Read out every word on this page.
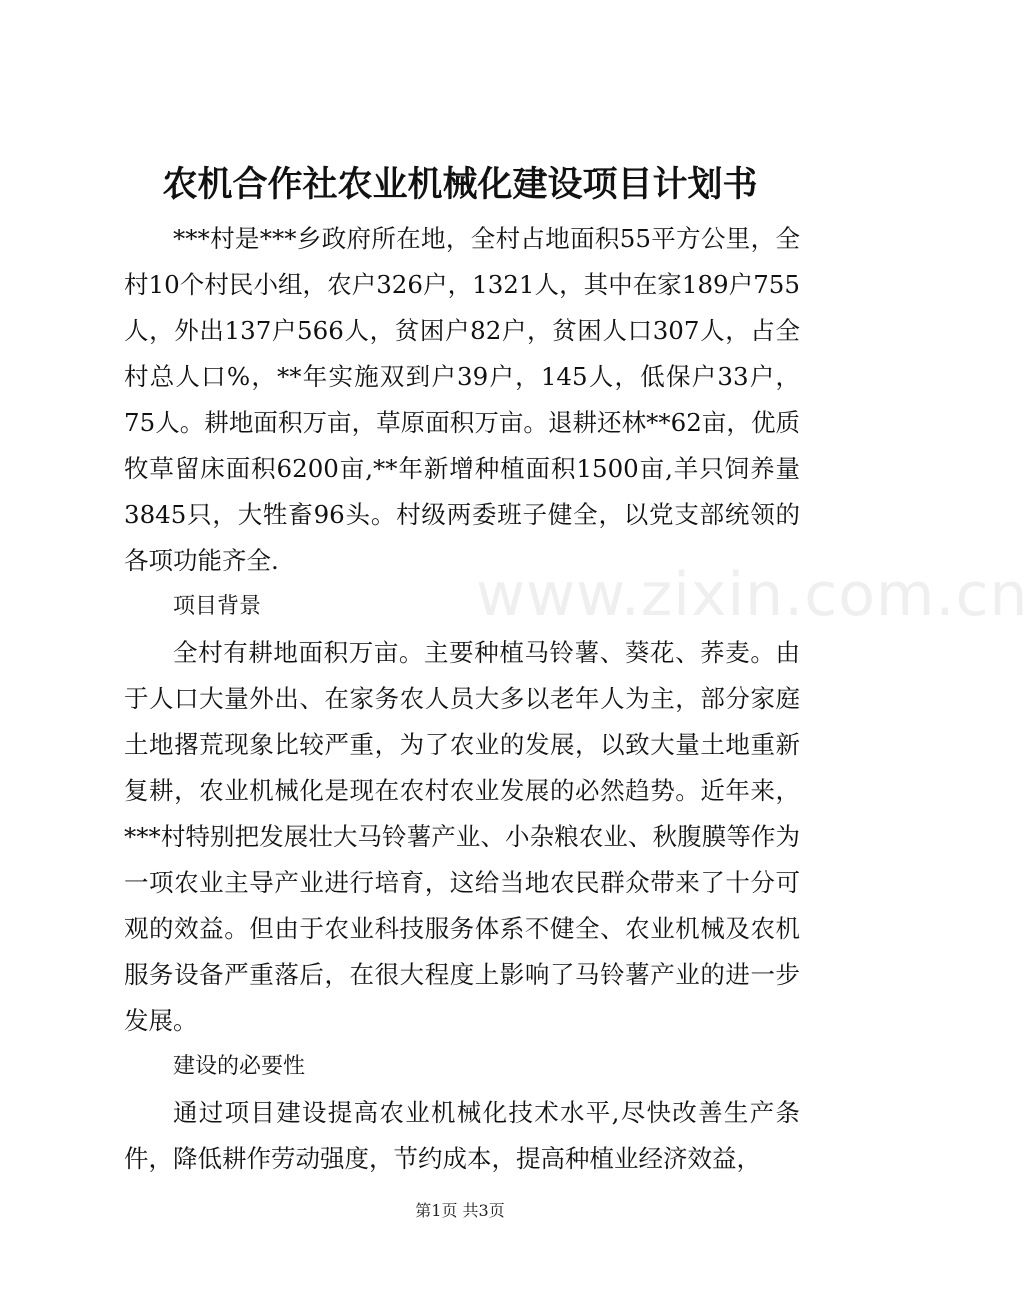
农机合作社农业机械化建设项目计划书

***村是***乡政府所在地，全村占地面积55平方公里，全村10个村民小组，农户326户，1321人，其中在家189户755人，外出137户566人，贫困户82户，贫困人口307人，占全村总人口%，**年实施双到户39户，145人，低保户33户，75人。耕地面积万亩，草原面积万亩。退耕还林**62亩，优质牧草留床面积6200亩,**年新增种植面积1500亩,羊只饲养量3845只，大牲畜96头。村级两委班子健全，以党支部统领的各项功能齐全.

项目背景

全村有耕地面积万亩。主要种植马铃薯、葵花、荞麦。由于人口大量外出、在家务农人员大多以老年人为主，部分家庭土地撂荒现象比较严重，为了农业的发展，以致大量土地重新复耕，农业机械化是现在农村农业发展的必然趋势。近年来，***村特别把发展壮大马铃薯产业、小杂粮农业、秋腹膜等作为一项农业主导产业进行培育，这给当地农民群众带来了十分可观的效益。但由于农业科技服务体系不健全、农业机械及农机服务设备严重落后，在很大程度上影响了马铃薯产业的进一步发展。

建设的必要性

通过项目建设提高农业机械化技术水平,尽快改善生产条件，降低耕作劳动强度，节约成本，提高种植业经济效益，

www.zixin.com.cn
第1页 共3页
